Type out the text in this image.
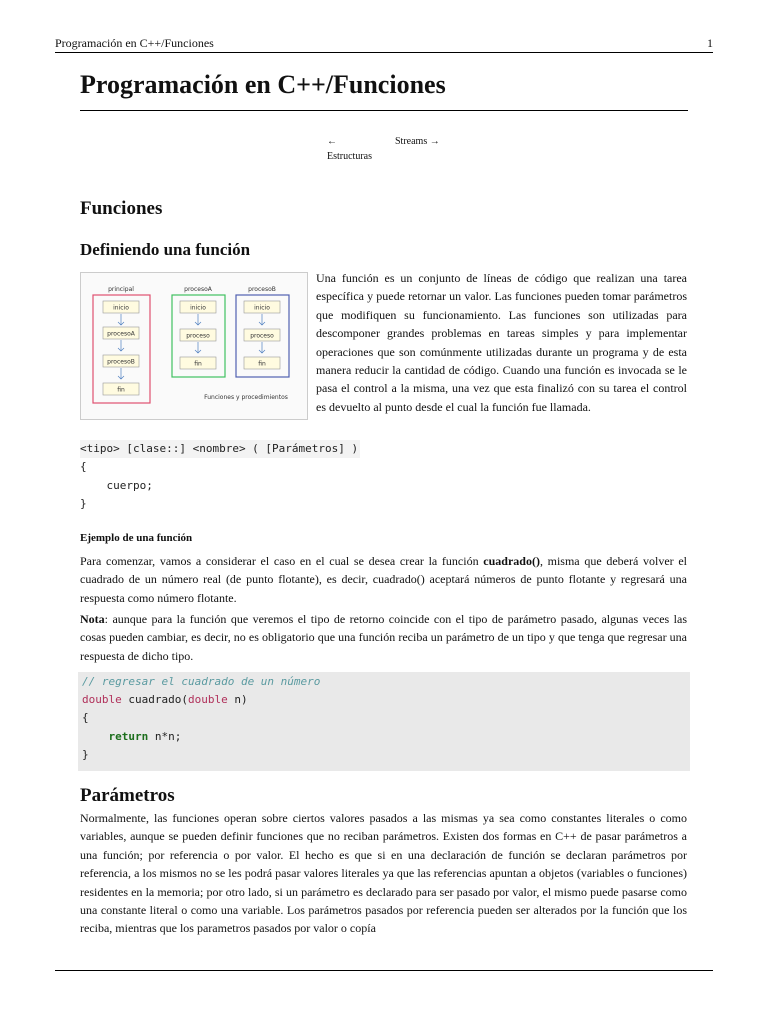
Programación en C++/Funciones	1
Programación en C++/Funciones
←
Estructuras
Streams →
Funciones
Definiendo una función
principal
inicio
procesoA
procesoB
fin
procesoA
inicio
proceso
fin
procesoB
inicio
proceso
fin
Funciones y procedimientos

Una función es un conjunto de líneas de código que realizan una tarea específica y puede retornar un valor. Las funciones pueden tomar parámetros que modifiquen su funcionamiento. Las funciones son utilizadas para descomponer grandes problemas en tareas simples y para implementar operaciones que son comúnmente utilizadas durante un programa y de esta manera reducir la cantidad de código. Cuando una función es invocada se le pasa el control a la misma, una vez que esta finalizó con su tarea el control es devuelto al punto desde el cual la función fue llamada.

<tipo> [clase::] <nombre> ( [Parámetros] )
{
cuerpo;
}
Ejemplo de una función

Para comenzar, vamos a considerar el caso en el cual se desea crear la función cuadrado(), misma que deberá volver el cuadrado de un número real (de punto flotante), es decir, cuadrado() aceptará números de punto flotante y regresará una respuesta como número flotante.

Nota: aunque para la función que veremos el tipo de retorno coincide con el tipo de parámetro pasado, algunas veces las cosas pueden cambiar, es decir, no es obligatorio que una función reciba un parámetro de un tipo y que tenga que regresar una respuesta de dicho tipo.

// regresar el cuadrado de un número
double cuadrado(double n)
{
return n*n;
}
Parámetros

Normalmente, las funciones operan sobre ciertos valores pasados a las mismas ya sea como constantes literales o como variables, aunque se pueden definir funciones que no reciban parámetros. Existen dos formas en C++ de pasar parámetros a una función; por referencia o por valor. El hecho es que si en una declaración de función se declaran parámetros por referencia, a los mismos no se les podrá pasar valores literales ya que las referencias apuntan a objetos (variables o funciones) residentes en la memoria; por otro lado, si un parámetro es declarado para ser pasado por valor, el mismo puede pasarse como una constante literal o como una variable. Los parámetros pasados por referencia pueden ser alterados por la función que los reciba, mientras que los parametros pasados por valor o copía
